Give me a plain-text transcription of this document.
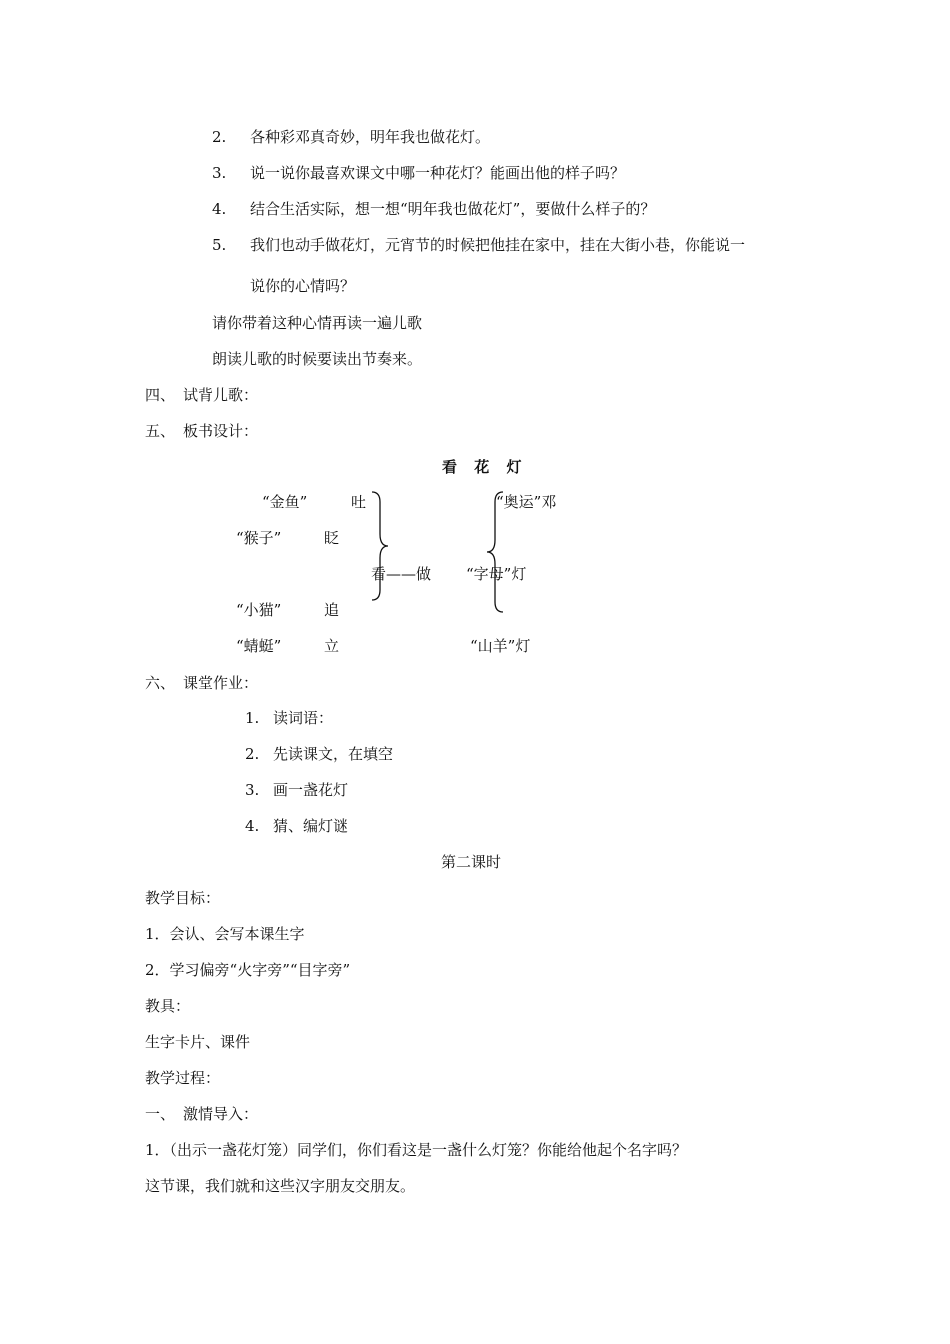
2. 各种彩邓真奇妙，明年我也做花灯。
3. 说一说你最喜欢课文中哪一种花灯？能画出他的样子吗？
4. 结合生活实际，想一想“明年我也做花灯”，要做什么样子的？
5. 我们也动手做花灯，元宵节的时候把他挂在家中，挂在大街小巷，你能说一
说你的心情吗？
请你带着这种心情再读一遍儿歌
朗读儿歌的时候要读出节奏来。
四、 试背儿歌：
五、 板书设计：
看 花 灯
“金鱼”	吐
“猴子”	眨
“小猫”	追
“蜻蜓”	立
看——做
“奥运”邓
“字母”灯
“山羊”灯
六、 课堂作业：
1. 读词语：
2. 先读课文，在填空
3. 画一盏花灯
4. 猜、编灯谜
第二课时
教学目标：
1．会认、会写本课生字
2．学习偏旁“火字旁”“目字旁”
教具：
生字卡片、课件
教学过程：
一、 激情导入：
1．（出示一盏花灯笼）同学们，你们看这是一盏什么灯笼？你能给他起个名字吗？
这节课，我们就和这些汉字朋友交朋友。
